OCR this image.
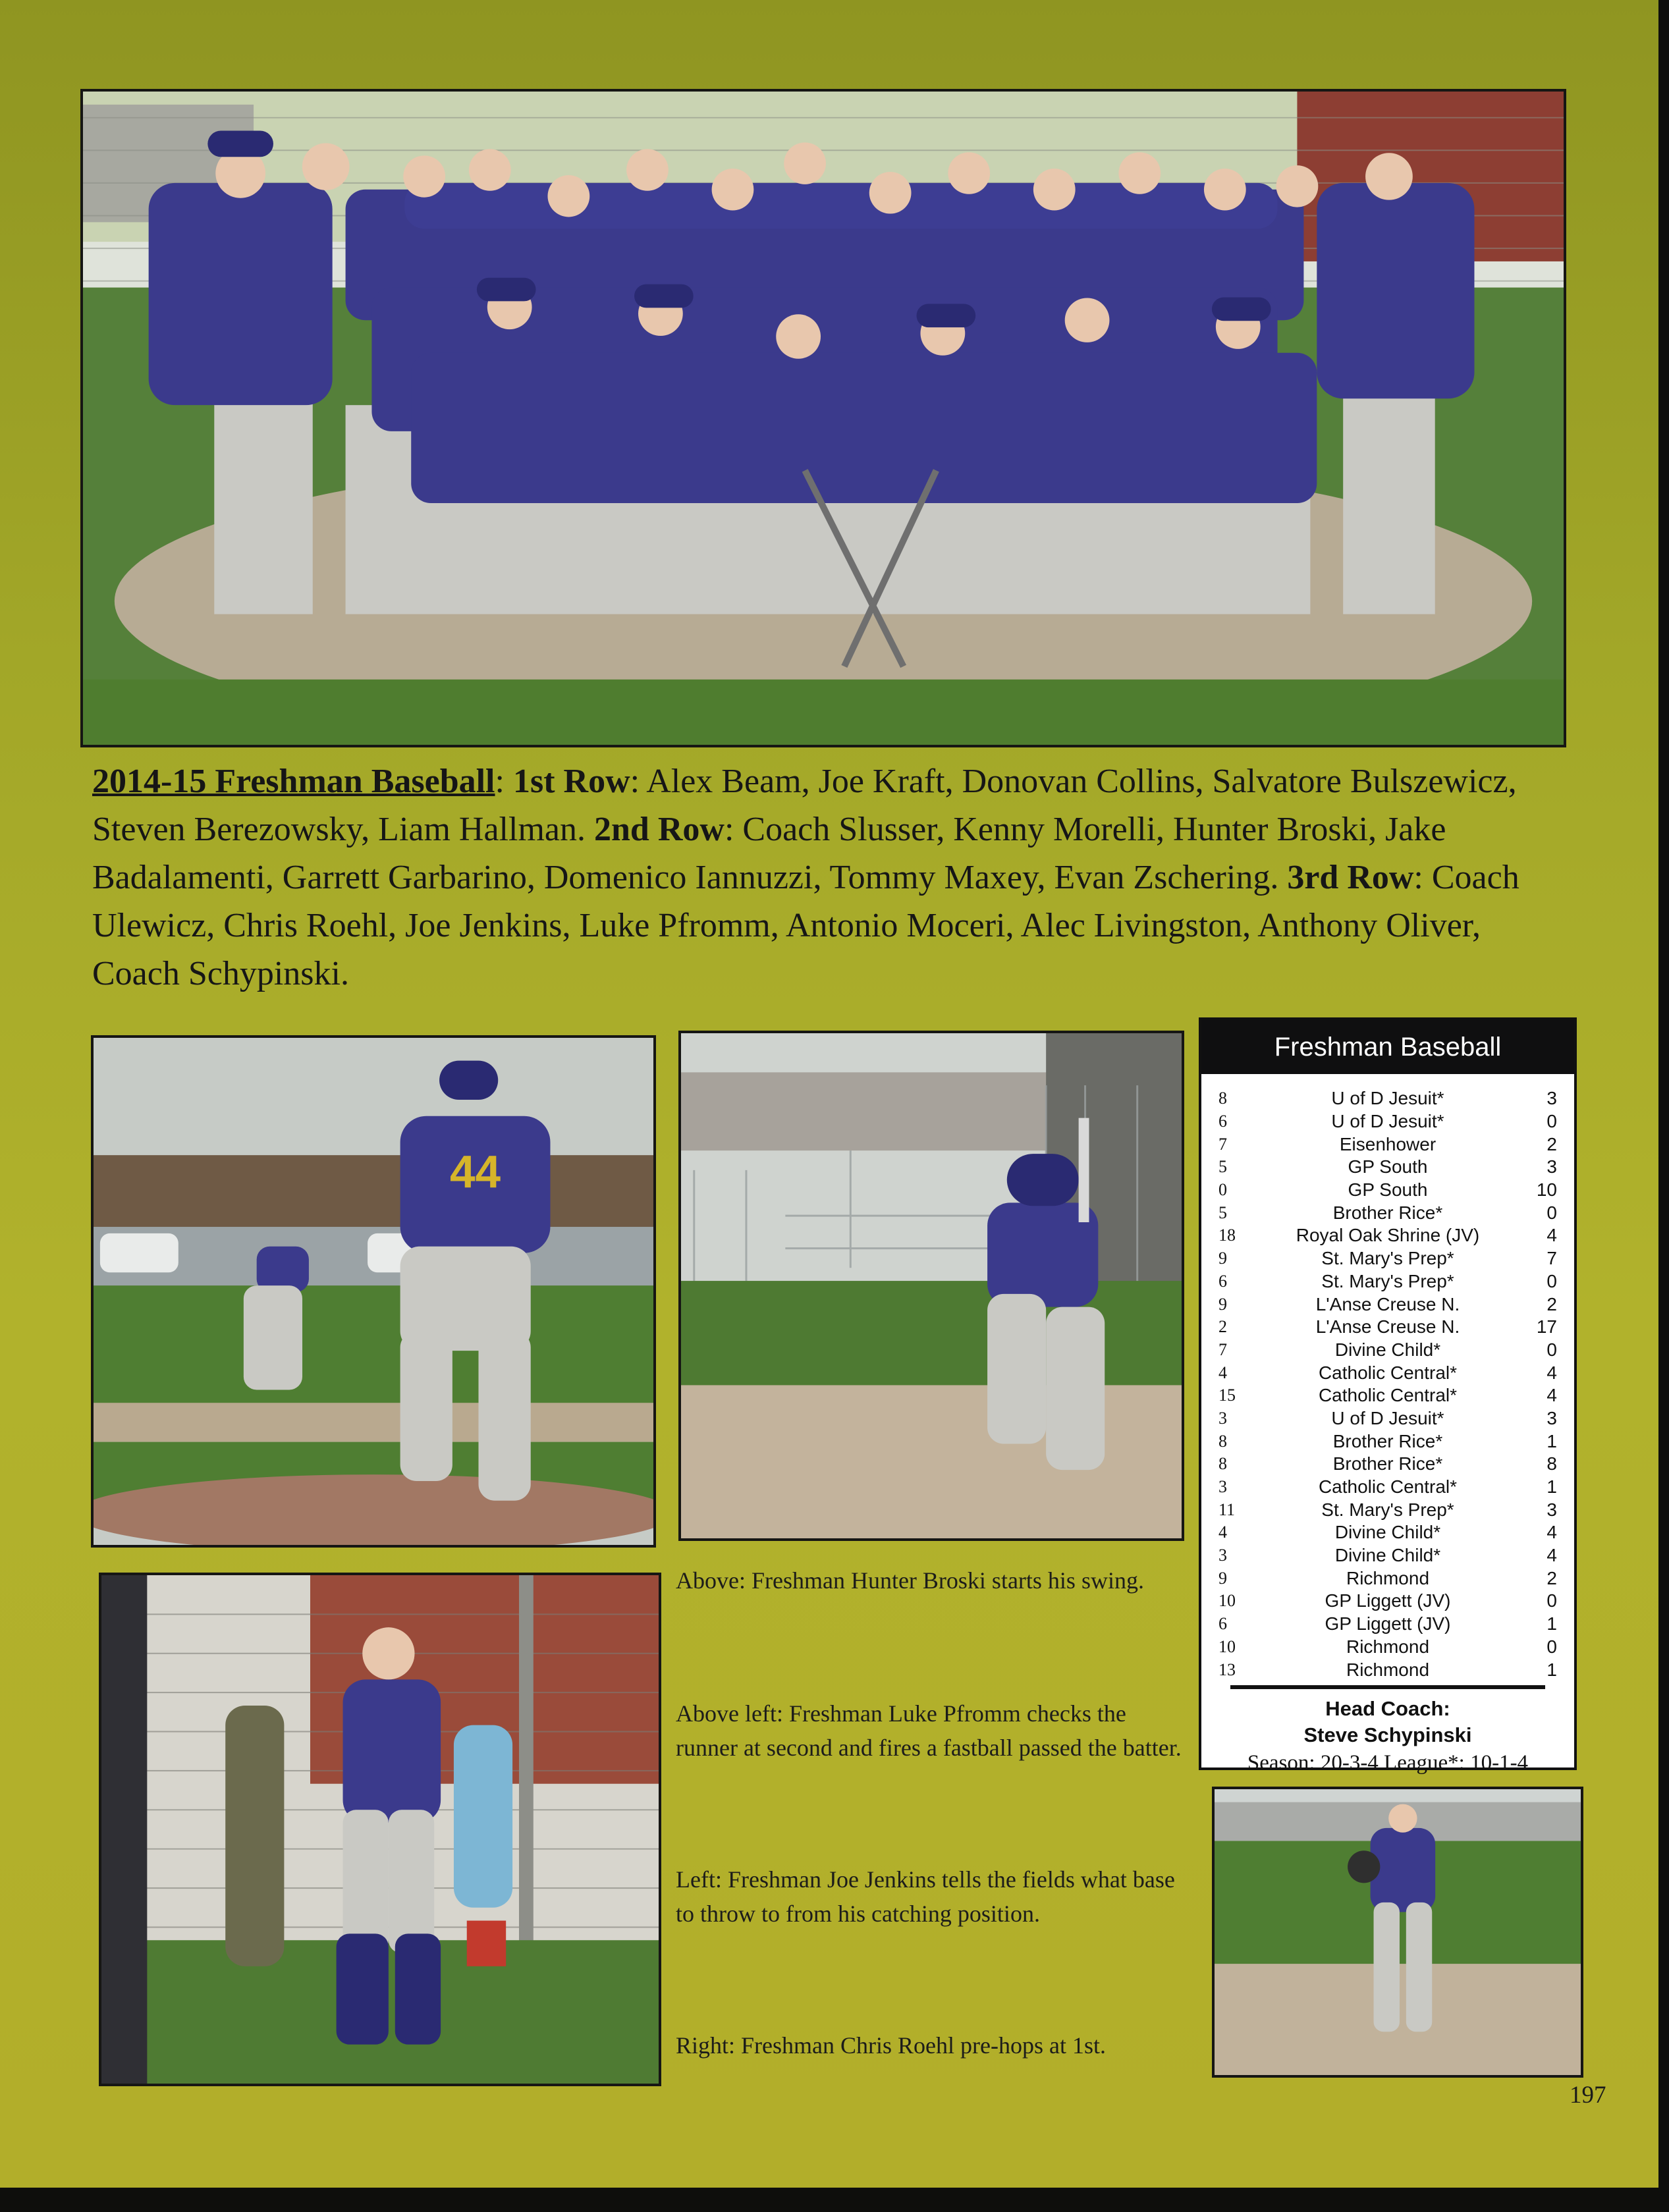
2014-15 Freshman Baseball: 1st Row: Alex Beam, Joe Kraft, Donovan Collins, Salvatore Bulszewicz, Steven Berezowsky, Liam Hallman. 2nd Row: Coach Slusser, Kenny Morelli, Hunter Broski, Jake Badalamenti, Garrett Garbarino, Domenico Iannuzzi, Tommy Maxey, Evan Zschering. 3rd Row: Coach Ulewicz, Chris Roehl, Joe Jenkins, Luke Pfromm, Antonio Moceri, Alec Livingston, Anthony Oliver, Coach Schypinski.
44
Above: Freshman Hunter Broski starts his swing.
Above left: Freshman Luke Pfromm checks the runner at second and fires a fastball passed the batter.
Left: Freshman Joe Jenkins tells the fields what base to throw to from his catching position.
Right: Freshman Chris Roehl pre-hops at 1st.
Freshman Baseball
8	U of D Jesuit*	3
6	U of D Jesuit*	0
7	Eisenhower	2
5	GP South	3
0	GP South	10
5	Brother Rice*	0
18	Royal Oak Shrine (JV)	4
9	St. Mary's Prep*	7
6	St. Mary's Prep*	0
9	L'Anse Creuse N.	2
2	L'Anse Creuse N.	17
7	Divine Child*	0
4	Catholic Central*	4
15	Catholic Central*	4
3	U of D Jesuit*	3
8	Brother Rice*	1
8	Brother Rice*	8
3	Catholic Central*	1
11	St. Mary's Prep*	3
4	Divine Child*	4
3	Divine Child*	4
9	Richmond	2
10	GP Liggett (JV)	0
6	GP Liggett (JV)	1
10	Richmond	0
13	Richmond	1
Head Coach:
Steve Schypinski
Season: 20-3-4 League*: 10-1-4
197
